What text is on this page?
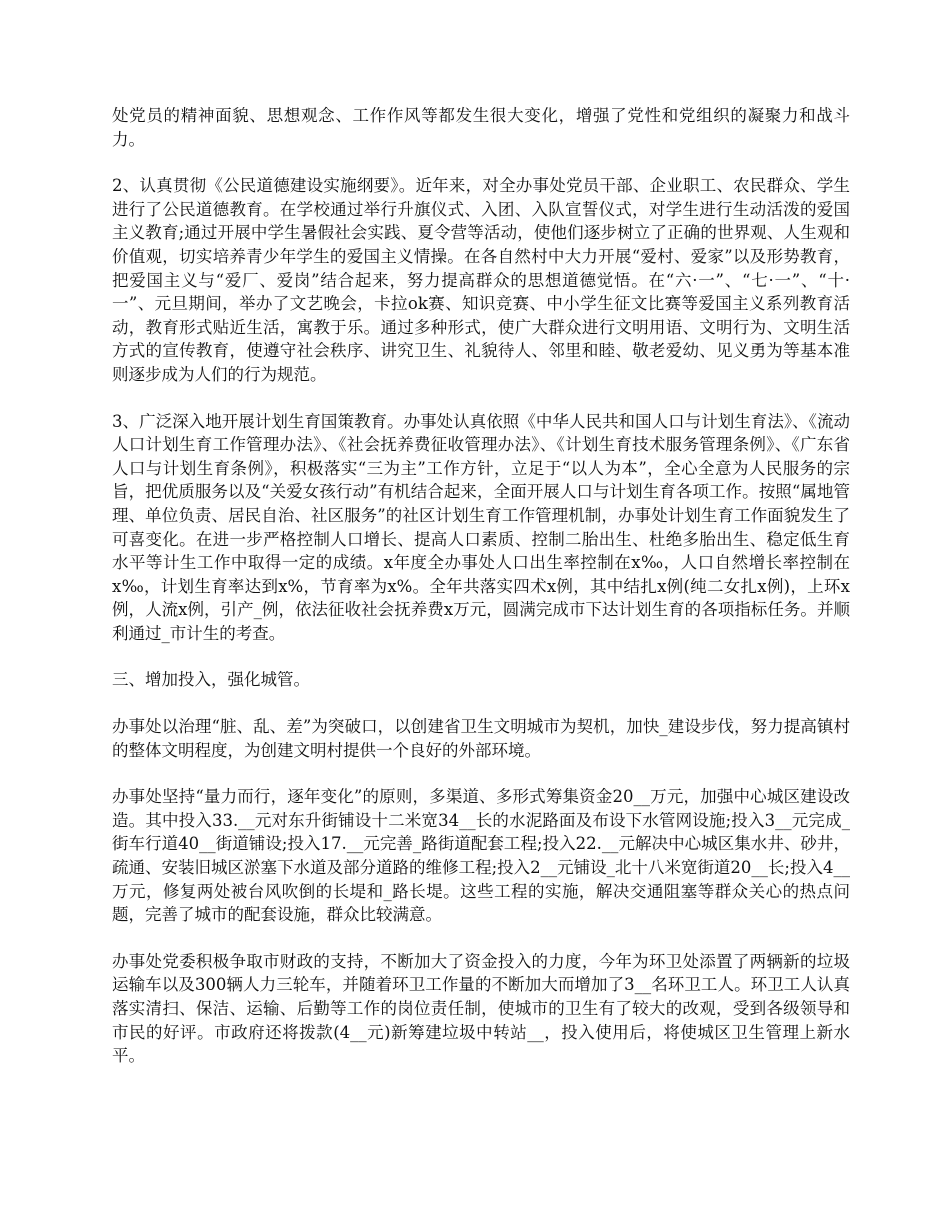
处党员的精神面貌、思想观念、工作作风等都发生很大变化，增强了党性和党组织的凝聚力和战斗力。

2、认真贯彻《公民道德建设实施纲要》。近年来，对全办事处党员干部、企业职工、农民群众、学生进行了公民道德教育。在学校通过举行升旗仪式、入团、入队宣誓仪式，对学生进行生动活泼的爱国主义教育;通过开展中学生暑假社会实践、夏令营等活动，使他们逐步树立了正确的世界观、人生观和价值观，切实培养青少年学生的爱国主义情操。在各自然村中大力开展“爱村、爱家”以及形势教育，把爱国主义与“爱厂、爱岗”结合起来，努力提高群众的思想道德觉悟。在“六·一”、“七·一”、“十·一”、元旦期间，举办了文艺晚会，卡拉ok赛、知识竞赛、中小学生征文比赛等爱国主义系列教育活动，教育形式贴近生活，寓教于乐。通过多种形式，使广大群众进行文明用语、文明行为、文明生活方式的宣传教育，使遵守社会秩序、讲究卫生、礼貌待人、邻里和睦、敬老爱幼、见义勇为等基本准则逐步成为人们的行为规范。

3、广泛深入地开展计划生育国策教育。办事处认真依照《中华人民共和国人口与计划生育法》、《流动人口计划生育工作管理办法》、《社会抚养费征收管理办法》、《计划生育技术服务管理条例》、《广东省人口与计划生育条例》，积极落实“三为主”工作方针，立足于“以人为本”，全心全意为人民服务的宗旨，把优质服务以及“关爱女孩行动”有机结合起来，全面开展人口与计划生育各项工作。按照“属地管理、单位负责、居民自治、社区服务”的社区计划生育工作管理机制，办事处计划生育工作面貌发生了可喜变化。在进一步严格控制人口增长、提高人口素质、控制二胎出生、杜绝多胎出生、稳定低生育水平等计生工作中取得一定的成绩。x年度全办事处人口出生率控制在x‰，人口自然增长率控制在x‰，计划生育率达到x%，节育率为x%。全年共落实四术x例，其中结扎x例(纯二女扎x例)，上环x例，人流x例，引产_例，依法征收社会抚养费x万元，圆满完成市下达计划生育的各项指标任务。并顺利通过_市计生的考查。

三、增加投入，强化城管。

办事处以治理“脏、乱、差”为突破口，以创建省卫生文明城市为契机，加快_建设步伐，努力提高镇村的整体文明程度，为创建文明村提供一个良好的外部环境。

办事处坚持“量力而行，逐年变化”的原则，多渠道、多形式筹集资金20__万元，加强中心城区建设改造。其中投入33.__元对东升街铺设十二米宽34__长的水泥路面及布设下水管网设施;投入3__元完成_街车行道40__街道铺设;投入17.__元完善_路街道配套工程;投入22.__元解决中心城区集水井、砂井，疏通、安装旧城区淤塞下水道及部分道路的维修工程;投入2__元铺设_北十八米宽街道20__长;投入4__万元，修复两处被台风吹倒的长堤和_路长堤。这些工程的实施，解决交通阻塞等群众关心的热点问题，完善了城市的配套设施，群众比较满意。

办事处党委积极争取市财政的支持，不断加大了资金投入的力度，今年为环卫处添置了两辆新的垃圾运输车以及300辆人力三轮车，并随着环卫工作量的不断加大而增加了3__名环卫工人。环卫工人认真落实清扫、保洁、运输、后勤等工作的岗位责任制，使城市的卫生有了较大的改观，受到各级领导和市民的好评。市政府还将拨款(4__元)新筹建垃圾中转站__，投入使用后，将使城区卫生管理上新水平。
